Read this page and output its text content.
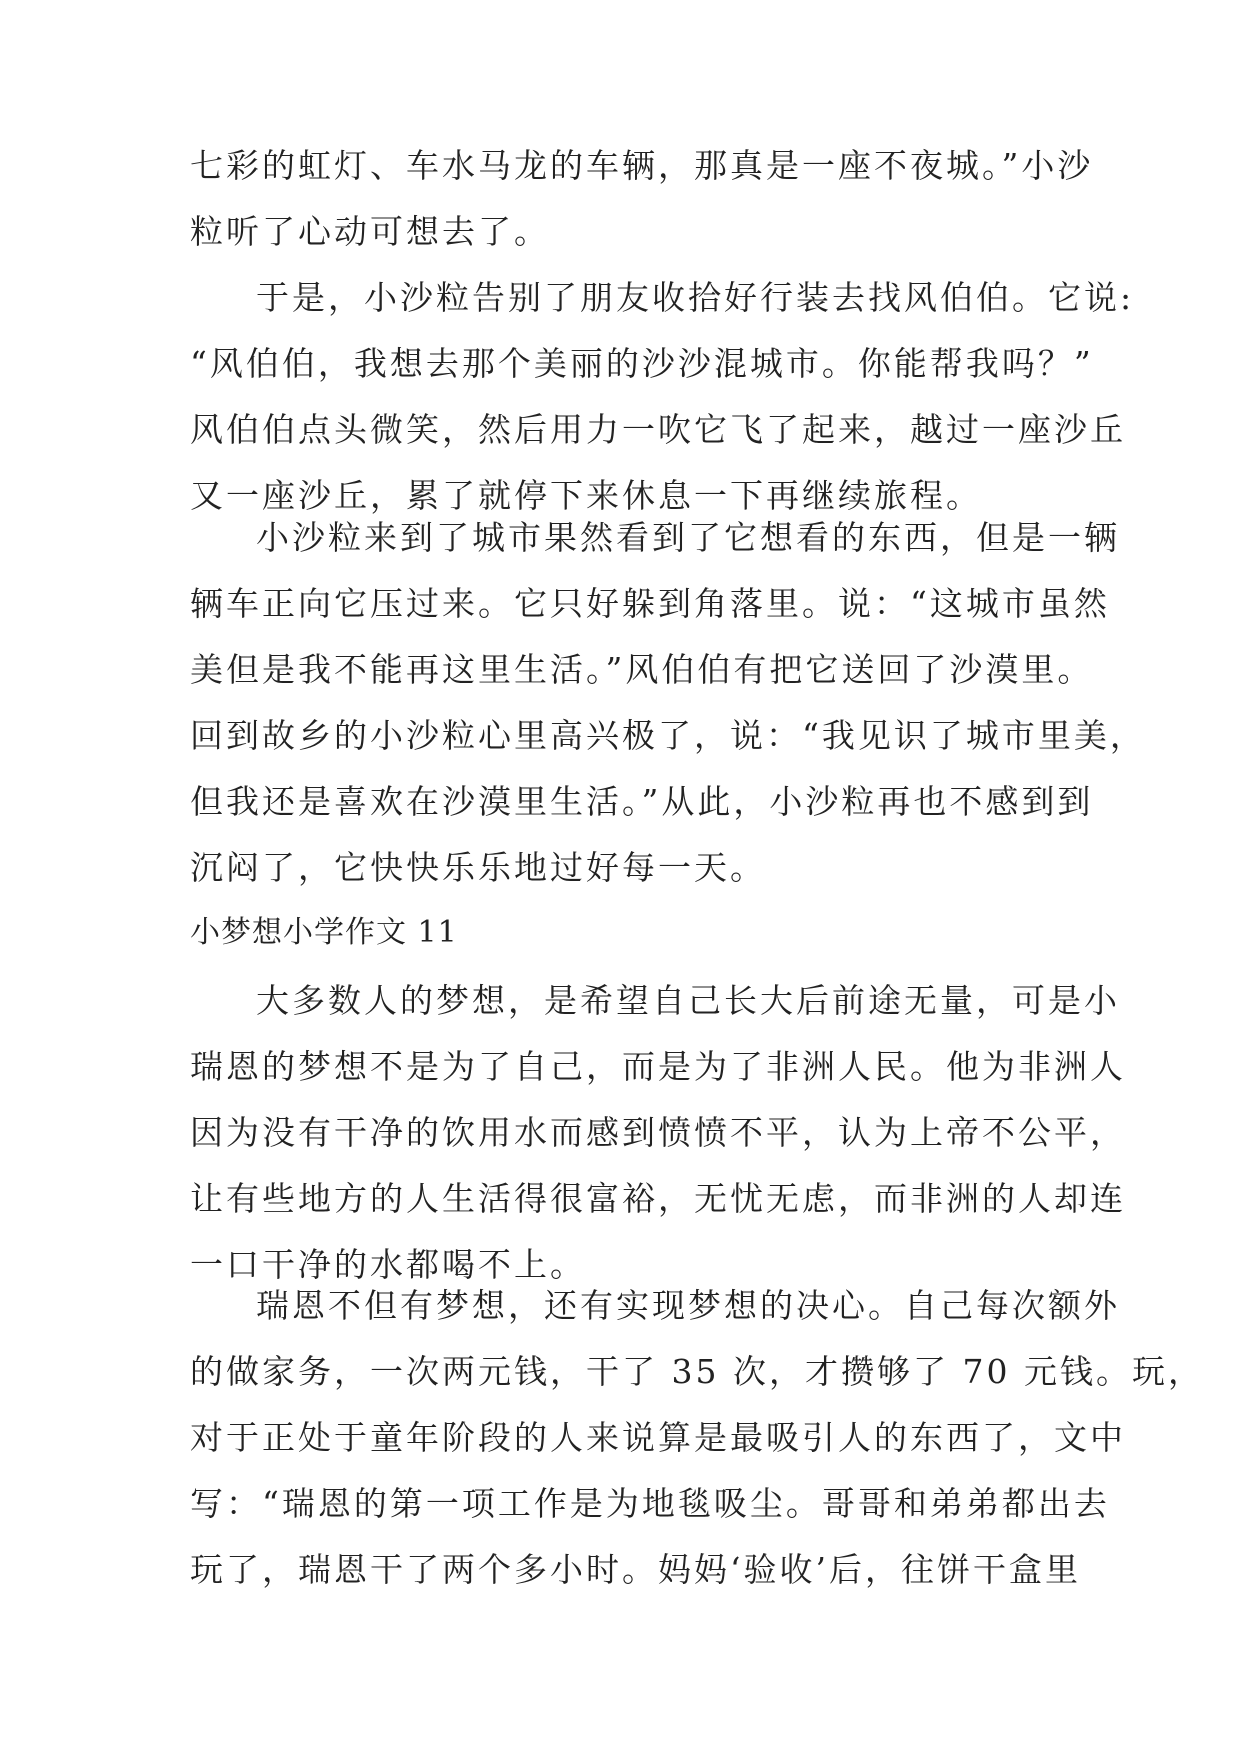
七彩的虹灯、车水马龙的车辆，那真是一座不夜城。”小沙
粒听了心动可想去了。
于是，小沙粒告别了朋友收拾好行装去找风伯伯。它说:
“风伯伯，我想去那个美丽的沙沙混城市。你能帮我吗？”
风伯伯点头微笑，然后用力一吹它飞了起来，越过一座沙丘
又一座沙丘，累了就停下来休息一下再继续旅程。
小沙粒来到了城市果然看到了它想看的东西，但是一辆
辆车正向它压过来。它只好躲到角落里。说：“这城市虽然
美但是我不能再这里生活。”风伯伯有把它送回了沙漠里。
回到故乡的小沙粒心里高兴极了，说：“我见识了城市里美，
但我还是喜欢在沙漠里生活。”从此，小沙粒再也不感到到
沉闷了，它快快乐乐地过好每一天。
小梦想小学作文 11
大多数人的梦想，是希望自己长大后前途无量，可是小
瑞恩的梦想不是为了自己，而是为了非洲人民。他为非洲人
因为没有干净的饮用水而感到愤愤不平，认为上帝不公平，
让有些地方的人生活得很富裕，无忧无虑，而非洲的人却连
一口干净的水都喝不上。
瑞恩不但有梦想，还有实现梦想的决心。自己每次额外
的做家务，一次两元钱，干了 35 次，才攒够了 70 元钱。玩，
对于正处于童年阶段的人来说算是最吸引人的东西了，文中
写：“瑞恩的第一项工作是为地毯吸尘。哥哥和弟弟都出去
玩了，瑞恩干了两个多小时。妈妈‘验收’后，往饼干盒里
